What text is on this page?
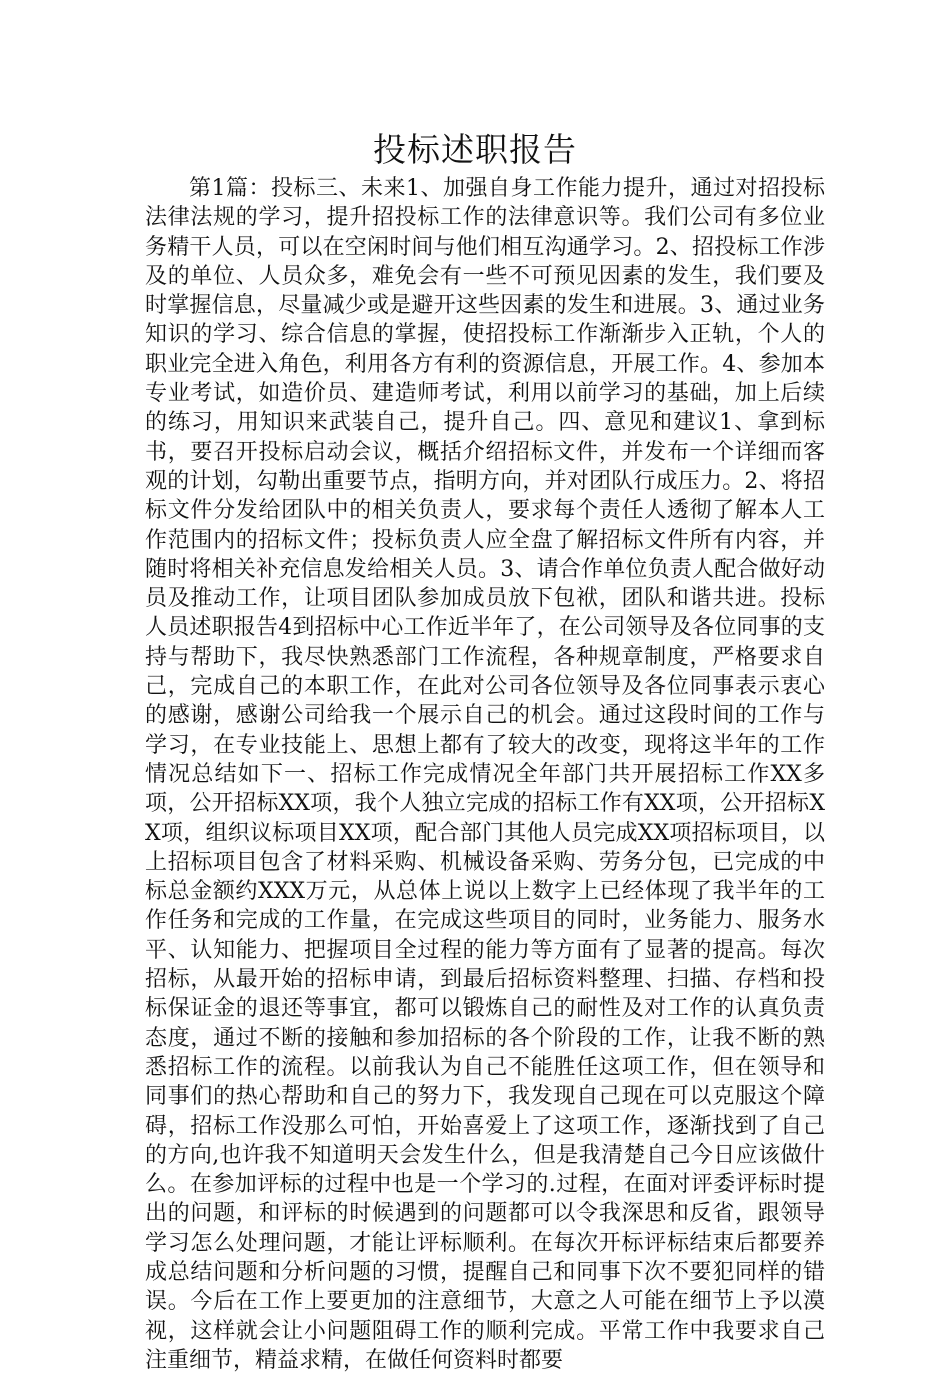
投标述职报告

第1篇：投标三、未来1、加强自身工作能力提升，通过对招投标法律法规的学习，提升招投标工作的法律意识等。我们公司有多位业务精干人员，可以在空闲时间与他们相互沟通学习。2、招投标工作涉及的单位、人员众多，难免会有一些不可预见因素的发生，我们要及时掌握信息，尽量减少或是避开这些因素的发生和进展。3、通过业务知识的学习、综合信息的掌握，使招投标工作渐渐步入正轨，个人的职业完全进入角色，利用各方有利的资源信息，开展工作。4、参加本专业考试，如造价员、建造师考试，利用以前学习的基础，加上后续的练习，用知识来武装自己，提升自己。四、意见和建议1、拿到标书，要召开投标启动会议，概括介绍招标文件，并发布一个详细而客观的计划，勾勒出重要节点，指明方向，并对团队行成压力。2、将招标文件分发给团队中的相关负责人，要求每个责任人透彻了解本人工作范围内的招标文件；投标负责人应全盘了解招标文件所有内容，并随时将相关补充信息发给相关人员。3、请合作单位负责人配合做好动员及推动工作，让项目团队参加成员放下包袱，团队和谐共进。投标人员述职报告4到招标中心工作近半年了，在公司领导及各位同事的支持与帮助下，我尽快熟悉部门工作流程，各种规章制度，严格要求自己，完成自己的本职工作，在此对公司各位领导及各位同事表示衷心的感谢，感谢公司给我一个展示自己的机会。通过这段时间的工作与学习，在专业技能上、思想上都有了较大的改变，现将这半年的工作情况总结如下一、招标工作完成情况全年部门共开展招标工作XX多项，公开招标XX项，我个人独立完成的招标工作有XX项，公开招标XX项，组织议标项目XX项，配合部门其他人员完成XX项招标项目，以上招标项目包含了材料采购、机械设备采购、劳务分包，已完成的中标总金额约XXX万元，从总体上说以上数字上已经体现了我半年的工作任务和完成的工作量，在完成这些项目的同时，业务能力、服务水平、认知能力、把握项目全过程的能力等方面有了显著的提高。每次招标，从最开始的招标申请，到最后招标资料整理、扫描、存档和投标保证金的退还等事宜，都可以锻炼自己的耐性及对工作的认真负责态度，通过不断的接触和参加招标的各个阶段的工作，让我不断的熟悉招标工作的流程。以前我认为自己不能胜任这项工作，但在领导和同事们的热心帮助和自己的努力下，我发现自己现在可以克服这个障碍，招标工作没那么可怕，开始喜爱上了这项工作，逐渐找到了自己的方向,也许我不知道明天会发生什么，但是我清楚自己今日应该做什么。在参加评标的过程中也是一个学习的.过程，在面对评委评标时提出的问题，和评标的时候遇到的问题都可以令我深思和反省，跟领导学习怎么处理问题，才能让评标顺利。在每次开标评标结束后都要养成总结问题和分析问题的习惯，提醒自己和同事下次不要犯同样的错误。今后在工作上要更加的注意细节，大意之人可能在细节上予以漠视，这样就会让小问题阻碍工作的顺利完成。平常工作中我要求自己注重细节，精益求精，在做任何资料时都要
